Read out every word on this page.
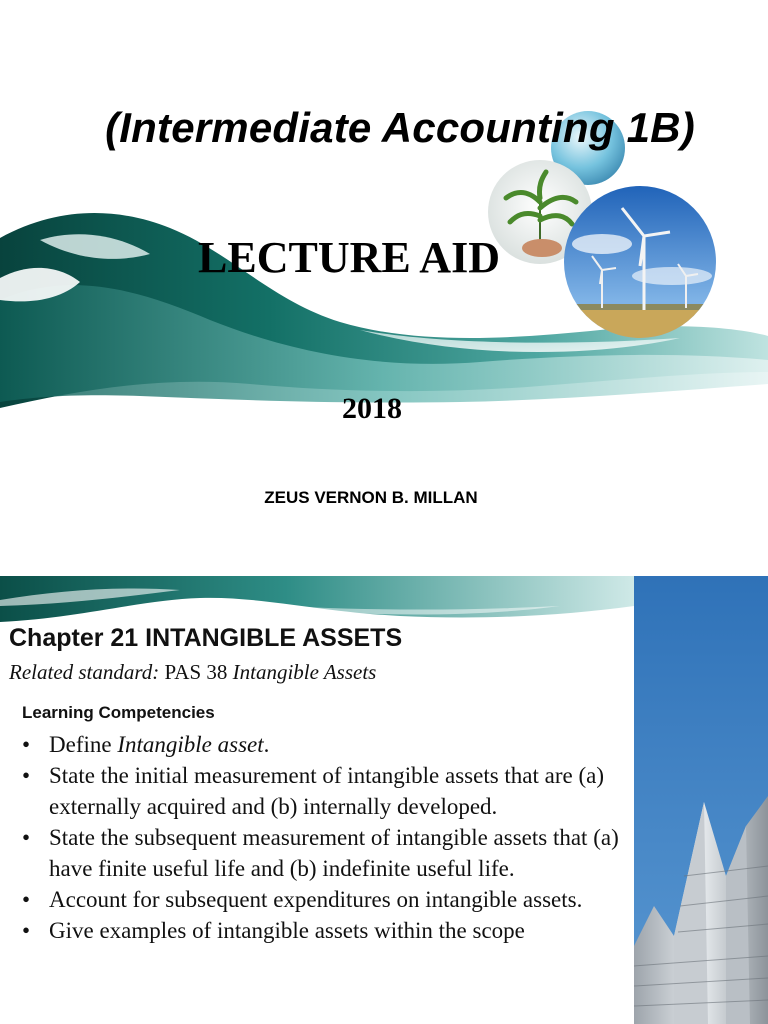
(Intermediate Accounting 1B)
LECTURE AID
2018
ZEUS VERNON B. MILLAN
Chapter 21 INTANGIBLE ASSETS
Related standard: PAS 38 Intangible Assets
Learning Competencies
• Define Intangible asset.
• State the initial measurement of intangible assets that are (a) externally acquired and (b) internally developed.
• State the subsequent measurement of intangible assets that (a) have finite useful life and (b) indefinite useful life.
• Account for subsequent expenditures on intangible assets.
• Give examples of intangible assets within the scope
